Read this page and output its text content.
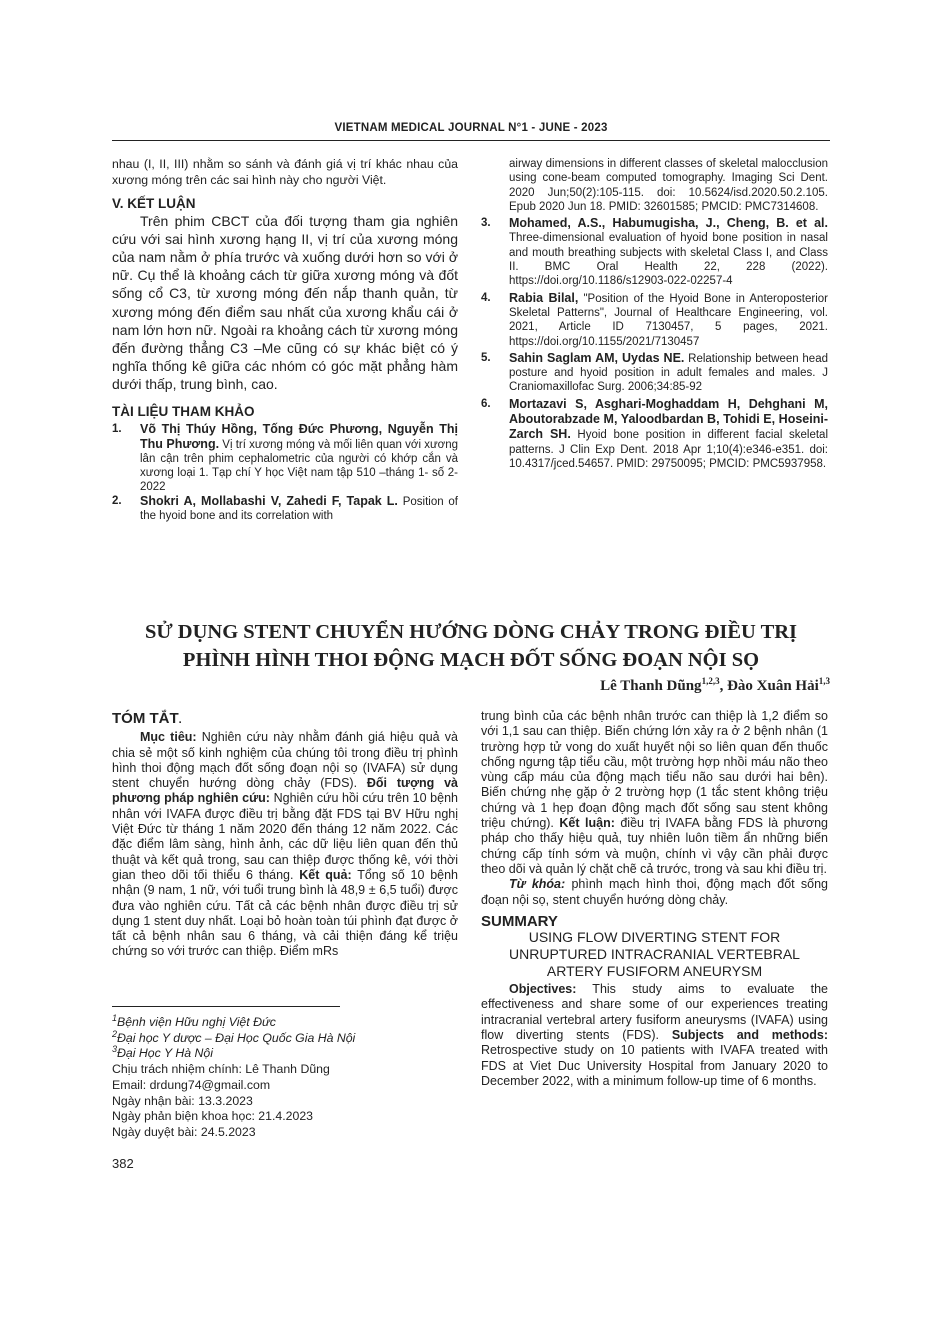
VIETNAM MEDICAL JOURNAL N°1 - JUNE - 2023
nhau (I, II, III) nhằm so sánh và đánh giá vị trí khác nhau của xương móng trên các sai hình này cho người Việt.
V. KẾT LUẬN
Trên phim CBCT của đối tượng tham gia nghiên cứu với sai hình xương hạng II, vị trí của xương móng của nam nằm ở phía trước và xuống dưới hơn so với ở nữ. Cụ thể là khoảng cách từ giữa xương móng và đốt sống cổ C3, từ xương móng đến nắp thanh quản, từ xương móng đến điểm sau nhất của xương khẩu cái ở nam lớn hơn nữ. Ngoài ra khoảng cách từ xương móng đến đường thẳng C3 –Me cũng có sự khác biệt có ý nghĩa thống kê giữa các nhóm có góc mặt phẳng hàm dưới thấp, trung bình, cao.
TÀI LIỆU THAM KHẢO
1.	Võ Thị Thúy Hồng, Tống Đức Phương, Nguyễn Thị Thu Phương. Vị trí xương móng và mối liên quan với xương lân cận trên phim cephalometric của người có khớp cắn và xương loại 1. Tạp chí Y học Việt nam tập 510 –tháng 1- số 2- 2022
2.	Shokri A, Mollabashi V, Zahedi F, Tapak L. Position of the hyoid bone and its correlation with
airway dimensions in different classes of skeletal malocclusion using cone-beam computed tomography. Imaging Sci Dent. 2020 Jun;50(2):105-115. doi: 10.5624/isd.2020.50.2.105. Epub 2020 Jun 18. PMID: 32601585; PMCID: PMC7314608.
3.	Mohamed, A.S., Habumugisha, J., Cheng, B. et al. Three-dimensional evaluation of hyoid bone position in nasal and mouth breathing subjects with skeletal Class I, and Class II. BMC Oral Health 22, 228 (2022). https://doi.org/10.1186/s12903-022-02257-4
4.	Rabia Bilal, "Position of the Hyoid Bone in Anteroposterior Skeletal Patterns", Journal of Healthcare Engineering, vol. 2021, Article ID 7130457, 5 pages, 2021. https://doi.org/10.1155/2021/7130457
5.	Sahin Saglam AM, Uydas NE. Relationship between head posture and hyoid position in adult females and males. J Craniomaxillofac Surg. 2006;34:85-92
6.	Mortazavi S, Asghari-Moghaddam H, Dehghani M, Aboutorabzade M, Yaloodbardan B, Tohidi E, Hoseini-Zarch SH. Hyoid bone position in different facial skeletal patterns. J Clin Exp Dent. 2018 Apr 1;10(4):e346-e351. doi: 10.4317/jced.54657. PMID: 29750095; PMCID: PMC5937958.
SỬ DỤNG STENT CHUYỂN HƯỚNG DÒNG CHẢY TRONG ĐIỀU TRỊ
PHÌNH HÌNH THOI ĐỘNG MẠCH ĐỐT SỐNG ĐOẠN NỘI SỌ
Lê Thanh Dũng$^{1,2,3}$, Đào Xuân Hải$^{1,3}$
TÓM TẮT.
Mục tiêu: Nghiên cứu này nhằm đánh giá hiệu quả và chia sẻ một số kinh nghiệm của chúng tôi trong điều trị phình hình thoi động mạch đốt sống đoạn nội sọ (IVAFA) sử dụng stent chuyển hướng dòng chảy (FDS). Đối tượng và phương pháp nghiên cứu: Nghiên cứu hồi cứu trên 10 bệnh nhân với IVAFA được điều trị bằng đặt FDS tại BV Hữu nghị Việt Đức từ tháng 1 năm 2020 đến tháng 12 năm 2022. Các đặc điểm lâm sàng, hình ảnh, các dữ liệu liên quan đến thủ thuật và kết quả trong, sau can thiệp được thống kê, với thời gian theo dõi tối thiểu 6 tháng. Kết quả: Tổng số 10 bệnh nhận (9 nam, 1 nữ, với tuổi trung bình là 48,9 ± 6,5 tuổi) được đưa vào nghiên cứu. Tất cả các bệnh nhân được điều trị sử dụng 1 stent duy nhất. Loại bỏ hoàn toàn túi phình đạt được ở tất cả bệnh nhân sau 6 tháng, và cải thiện đáng kể triệu chứng so với trước can thiệp. Điểm mRs
trung bình của các bệnh nhân trước can thiệp là 1,2 điểm so với 1,1 sau can thiệp. Biến chứng lớn xảy ra ở 2 bệnh nhân (1 trường hợp tử vong do xuất huyết nội so liên quan đến thuốc chống ngưng tập tiểu cầu, một trường hợp nhồi máu não theo vùng cấp máu của động mạch tiểu não sau dưới hai bên). Biến chứng nhẹ gặp ở 2 trường hợp (1 tắc stent không triệu chứng và 1 hẹp đoạn động mạch đốt sống sau stent không triệu chứng). Kết luận: điều trị IVAFA bằng FDS là phương pháp cho thấy hiệu quả, tuy nhiên luôn tiềm ẩn những biến chứng cấp tính sớm và muộn, chính vì vậy cần phải được theo dõi và quản lý chặt chẽ cả trước, trong và sau khi điều trị.
Từ khóa: phình mạch hình thoi, động mạch đốt sống đoạn nội sọ, stent chuyển hướng dòng chảy.
SUMMARY
USING FLOW DIVERTING STENT FOR
UNRUPTURED INTRACRANIAL VERTEBRAL
ARTERY FUSIFORM ANEURYSM
Objectives: This study aims to evaluate the effectiveness and share some of our experiences treating intracranial vertebral artery fusiform aneurysms (IVAFA) using flow diverting stents (FDS). Subjects and methods: Retrospective study on 10 patients with IVAFA treated with FDS at Viet Duc University Hospital from January 2020 to December 2022, with a minimum follow-up time of 6 months.
$^1$Bệnh viện Hữu nghị Việt Đức
$^2$Đại học Y dược – Đại Học Quốc Gia Hà Nội
$^3$Đại Học Y Hà Nội
Chịu trách nhiệm chính: Lê Thanh Dũng
Email: drdung74@gmail.com
Ngày nhận bài: 13.3.2023
Ngày phản biện khoa học: 21.4.2023
Ngày duyệt bài: 24.5.2023
382
